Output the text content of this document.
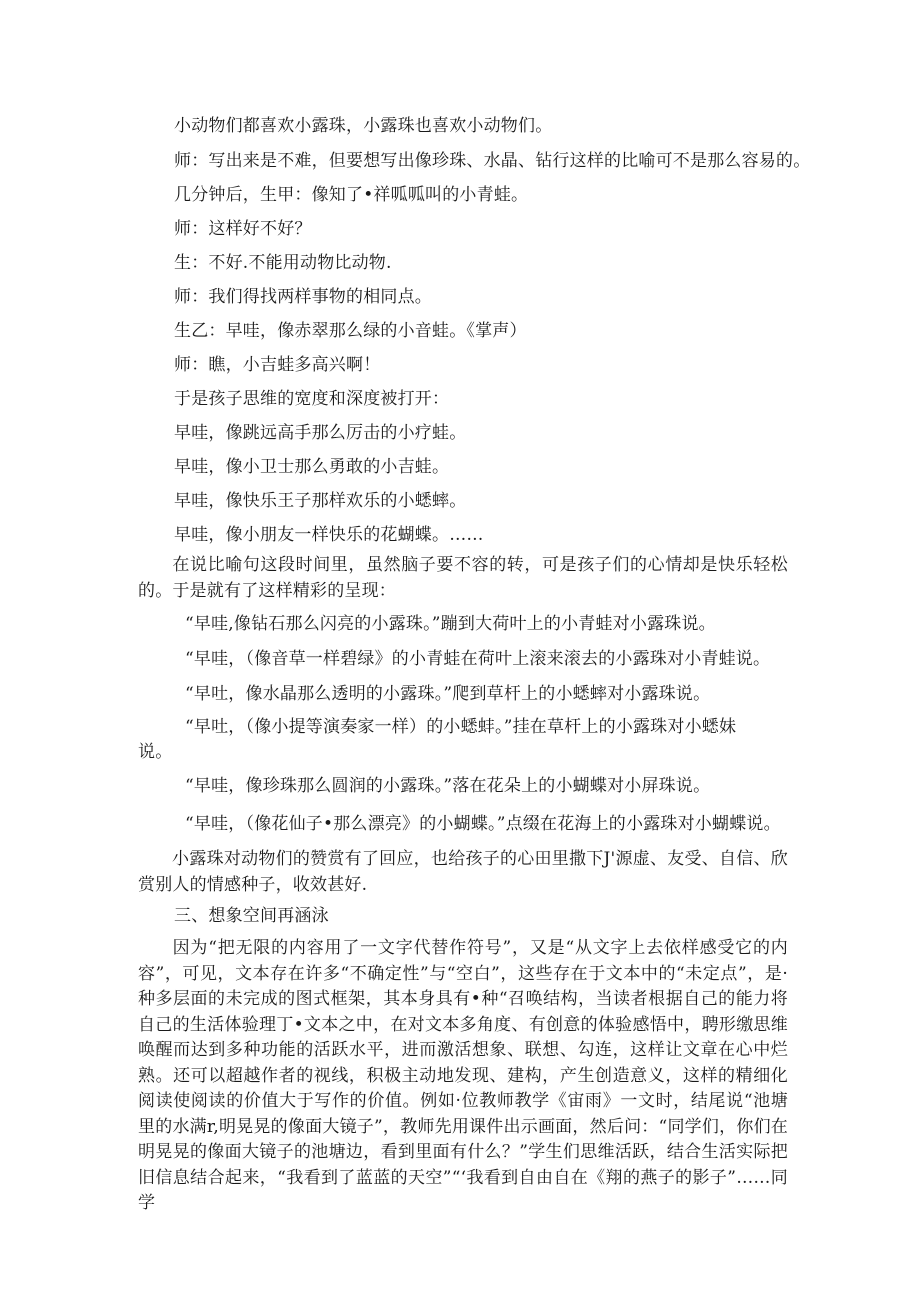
小动物们都喜欢小露珠，小露珠也喜欢小动物们。
师：写出来是不难，但要想写出像珍珠、水晶、钻行这样的比喻可不是那么容易的。
几分钟后，生甲：像知了•祥呱呱叫的小青蛙。
师：这样好不好？
生：不好.不能用动物比动物.
师：我们得找两样事物的相同点。
生乙：早哇，像赤翠那么绿的小音蛙。《掌声）
师：瞧，小吉蛙多高兴啊！
于是孩子思维的宽度和深度被打开：
早哇，像跳远高手那么厉击的小疗蛙。
早哇，像小卫士那么勇敢的小吉蛙。
早哇，像快乐王子那样欢乐的小蟋蟀。
早哇，像小朋友一样快乐的花蝴蝶。……
在说比喻句这段时间里，虽然脑子要不容的转，可是孩子们的心情却是快乐轻松的。于是就有了这样精彩的呈现：
“早哇,像钻石那么闪亮的小露珠。”蹦到大荷叶上的小青蛙对小露珠说。
“早哇，（像音草一样碧绿》的小青蛙在荷叶上滚来滚去的小露珠对小青蛙说。
“早吐，像水晶那么透明的小露珠。”爬到草杆上的小蟋蟀对小露珠说。
“早吐，（像小提等演奏家一样）的小蟋蚌。”挂在草杆上的小露珠对小蟋妹
说。
“早哇，像珍珠那么圆润的小露珠。”落在花朵上的小蝴蝶对小屏珠说。
“早哇，（像花仙子•那么漂亮》的小蝴蝶。”点缀在花海上的小露珠对小蝴蝶说。
小露珠对动物们的赞赏有了回应，也给孩子的心田里撒下J'源虚、友受、自信、欣赏别人的情感种子，收效甚好.
三、想象空间再涵泳
因为“把无限的内容用了一文字代替作符号”，又是“从文字上去依样感受它的内容”，可见，文本存在许多“不确定性”与“空白”，这些存在于文本中的“未定点”，是·种多层面的未完成的图式框架，其本身具有•种“召唤结构，当读者根据自己的能力将自己的生活体验理丁•文本之中，在对文本多角度、有创意的体验感悟中，聘形缴思维唤醒而达到多种功能的活跃水平，进而激活想象、联想、勾连，这样让文章在心中烂熟。还可以超越作者的视线，积极主动地发现、建构，产生创造意义，这样的精细化阅读使阅读的价值大于写作的价值。例如·位教师教学《宙雨》一文时，结尾说“池塘里的水满r,明晃晃的像面大镜子”，教师先用课件出示画面，然后问：“同学们，你们在明晃晃的像面大镜子的池塘边，看到里面有什么？”学生们思维活跃，结合生活实际把旧信息结合起来，“我看到了蓝蓝的天空”“‘我看到自由自在《翔的燕子的影子”……同学
